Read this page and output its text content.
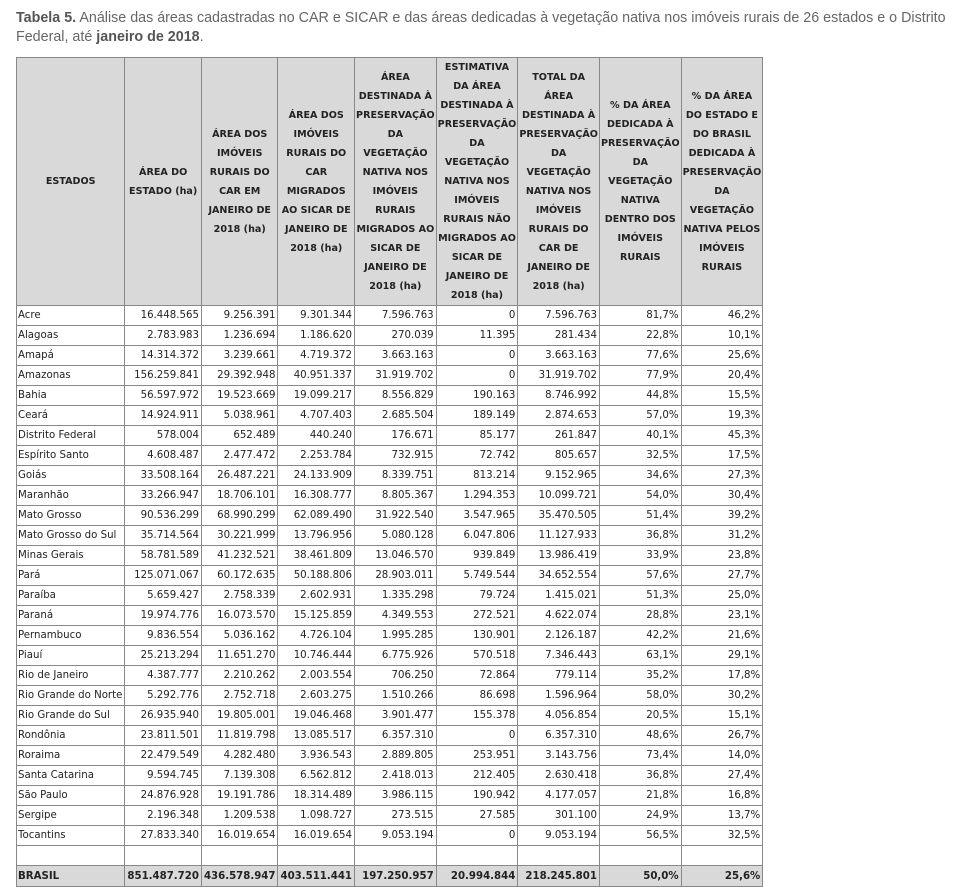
Tabela 5. Análise das áreas cadastradas no CAR e SICAR e das áreas dedicadas à vegetação nativa nos imóveis rurais de 26 estados e o Distrito Federal, até janeiro de 2018.
ESTADOS	ÁREA DO ESTADO (ha)	ÁREA DOS IMÓVEIS RURAIS DO CAR EM JANEIRO DE 2018 (ha)	ÁREA DOS IMÓVEIS RURAIS DO CAR MIGRADOS AO SICAR DE JANEIRO DE 2018 (ha)	ÁREA DESTINADA À PRESERVAÇÃO DA VEGETAÇÃO NATIVA NOS IMÓVEIS RURAIS MIGRADOS AO SICAR DE JANEIRO DE 2018 (ha)	ESTIMATIVA DA ÁREA DESTINADA À PRESERVAÇÃO DA VEGETAÇÃO NATIVA NOS IMÓVEIS RURAIS NÃO MIGRADOS AO SICAR DE JANEIRO DE 2018 (ha)	TOTAL DA ÁREA DESTINADA À PRESERVAÇÃO DA VEGETAÇÃO NATIVA NOS IMÓVEIS RURAIS DO CAR DE JANEIRO DE 2018 (ha)	% DA ÁREA DEDICADA À PRESERVAÇÃO DA VEGETAÇÃO NATIVA DENTRO DOS IMÓVEIS RURAIS	% DA ÁREA DO ESTADO E DO BRASIL DEDICADA À PRESERVAÇÃO DA VEGETAÇÃO NATIVA PELOS IMÓVEIS RURAIS
Acre	16.448.565	9.256.391	9.301.344	7.596.763	0	7.596.763	81,7%	46,2%
Alagoas	2.783.983	1.236.694	1.186.620	270.039	11.395	281.434	22,8%	10,1%
Amapá	14.314.372	3.239.661	4.719.372	3.663.163	0	3.663.163	77,6%	25,6%
Amazonas	156.259.841	29.392.948	40.951.337	31.919.702	0	31.919.702	77,9%	20,4%
Bahia	56.597.972	19.523.669	19.099.217	8.556.829	190.163	8.746.992	44,8%	15,5%
Ceará	14.924.911	5.038.961	4.707.403	2.685.504	189.149	2.874.653	57,0%	19,3%
Distrito Federal	578.004	652.489	440.240	176.671	85.177	261.847	40,1%	45,3%
Espírito Santo	4.608.487	2.477.472	2.253.784	732.915	72.742	805.657	32,5%	17,5%
Goiás	33.508.164	26.487.221	24.133.909	8.339.751	813.214	9.152.965	34,6%	27,3%
Maranhão	33.266.947	18.706.101	16.308.777	8.805.367	1.294.353	10.099.721	54,0%	30,4%
Mato Grosso	90.536.299	68.990.299	62.089.490	31.922.540	3.547.965	35.470.505	51,4%	39,2%
Mato Grosso do Sul	35.714.564	30.221.999	13.796.956	5.080.128	6.047.806	11.127.933	36,8%	31,2%
Minas Gerais	58.781.589	41.232.521	38.461.809	13.046.570	939.849	13.986.419	33,9%	23,8%
Pará	125.071.067	60.172.635	50.188.806	28.903.011	5.749.544	34.652.554	57,6%	27,7%
Paraíba	5.659.427	2.758.339	2.602.931	1.335.298	79.724	1.415.021	51,3%	25,0%
Paraná	19.974.776	16.073.570	15.125.859	4.349.553	272.521	4.622.074	28,8%	23,1%
Pernambuco	9.836.554	5.036.162	4.726.104	1.995.285	130.901	2.126.187	42,2%	21,6%
Piauí	25.213.294	11.651.270	10.746.444	6.775.926	570.518	7.346.443	63,1%	29,1%
Rio de Janeiro	4.387.777	2.210.262	2.003.554	706.250	72.864	779.114	35,2%	17,8%
Rio Grande do Norte	5.292.776	2.752.718	2.603.275	1.510.266	86.698	1.596.964	58,0%	30,2%
Rio Grande do Sul	26.935.940	19.805.001	19.046.468	3.901.477	155.378	4.056.854	20,5%	15,1%
Rondônia	23.811.501	11.819.798	13.085.517	6.357.310	0	6.357.310	48,6%	26,7%
Roraima	22.479.549	4.282.480	3.936.543	2.889.805	253.951	3.143.756	73,4%	14,0%
Santa Catarina	9.594.745	7.139.308	6.562.812	2.418.013	212.405	2.630.418	36,8%	27,4%
São Paulo	24.876.928	19.191.786	18.314.489	3.986.115	190.942	4.177.057	21,8%	16,8%
Sergipe	2.196.348	1.209.538	1.098.727	273.515	27.585	301.100	24,9%	13,7%
Tocantins	27.833.340	16.019.654	16.019.654	9.053.194	0	9.053.194	56,5%	32,5%

BRASIL	851.487.720	436.578.947	403.511.441	197.250.957	20.994.844	218.245.801	50,0%	25,6%
